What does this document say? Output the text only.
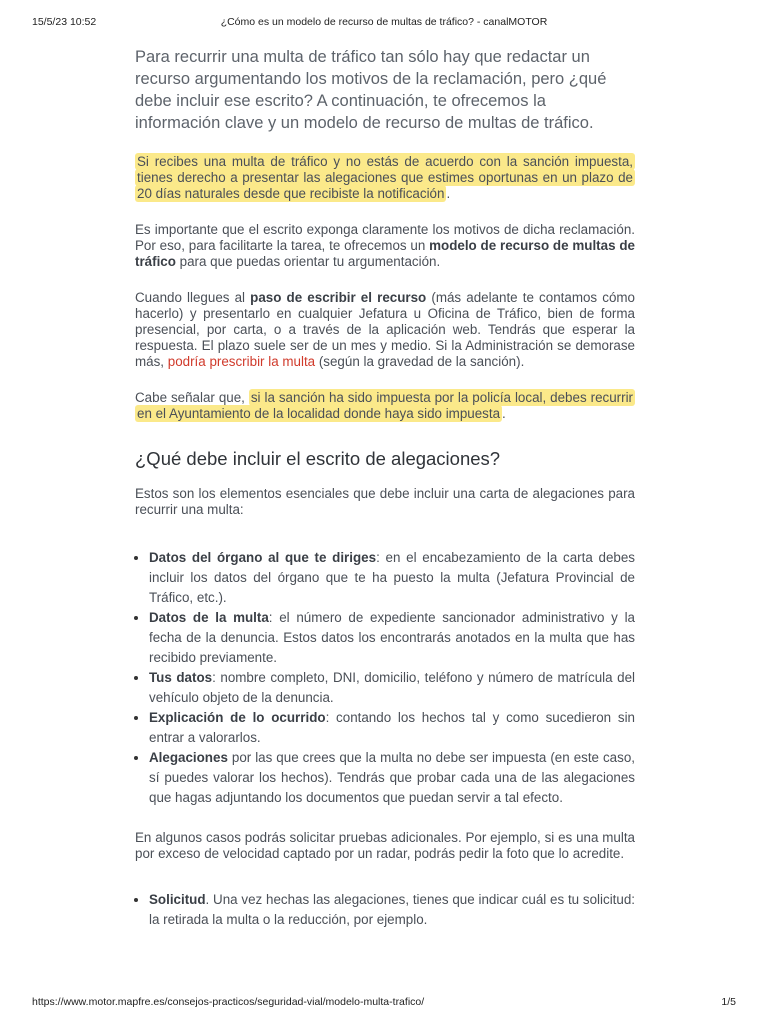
15/5/23 10:52	¿Cómo es un modelo de recurso de multas de tráfico? - canalMOTOR

Para recurrir una multa de tráfico tan sólo hay que redactar un recurso argumentando los motivos de la reclamación, pero ¿qué debe incluir ese escrito? A continuación, te ofrecemos la información clave y un modelo de recurso de multas de tráfico.

Si recibes una multa de tráfico y no estás de acuerdo con la sanción impuesta, tienes derecho a presentar las alegaciones que estimes oportunas en un plazo de 20 días naturales desde que recibiste la notificación .

Es importante que el escrito exponga claramente los motivos de dicha reclamación. Por eso, para facilitarte la tarea, te ofrecemos un modelo de recurso de multas de tráfico para que puedas orientar tu argumentación.

Cuando llegues al paso de escribir el recurso (más adelante te contamos cómo hacerlo) y presentarlo en cualquier Jefatura u Oficina de Tráfico, bien de forma presencial, por carta, o a través de la aplicación web. Tendrás que esperar la respuesta. El plazo suele ser de un mes y medio. Si la Administración se demorase más, podría prescribir la multa (según la gravedad de la sanción).

Cabe señalar que, si la sanción ha sido impuesta por la policía local, debes recurrir en el Ayuntamiento de la localidad donde haya sido impuesta .

¿Qué debe incluir el escrito de alegaciones?

Estos son los elementos esenciales que debe incluir una carta de alegaciones para recurrir una multa:

• Datos del órgano al que te diriges: en el encabezamiento de la carta debes incluir los datos del órgano que te ha puesto la multa (Jefatura Provincial de Tráfico, etc.).
• Datos de la multa: el número de expediente sancionador administrativo y la fecha de la denuncia. Estos datos los encontrarás anotados en la multa que has recibido previamente.
• Tus datos: nombre completo, DNI, domicilio, teléfono y número de matrícula del vehículo objeto de la denuncia.
• Explicación de lo ocurrido: contando los hechos tal y como sucedieron sin entrar a valorarlos.
• Alegaciones por las que crees que la multa no debe ser impuesta (en este caso, sí puedes valorar los hechos). Tendrás que probar cada una de las alegaciones que hagas adjuntando los documentos que puedan servir a tal efecto.

En algunos casos podrás solicitar pruebas adicionales. Por ejemplo, si es una multa por exceso de velocidad captado por un radar, podrás pedir la foto que lo acredite.

• Solicitud. Una vez hechas las alegaciones, tienes que indicar cuál es tu solicitud: la retirada la multa o la reducción, por ejemplo.
https://www.motor.mapfre.es/consejos-practicos/seguridad-vial/modelo-multa-trafico/	1/5
